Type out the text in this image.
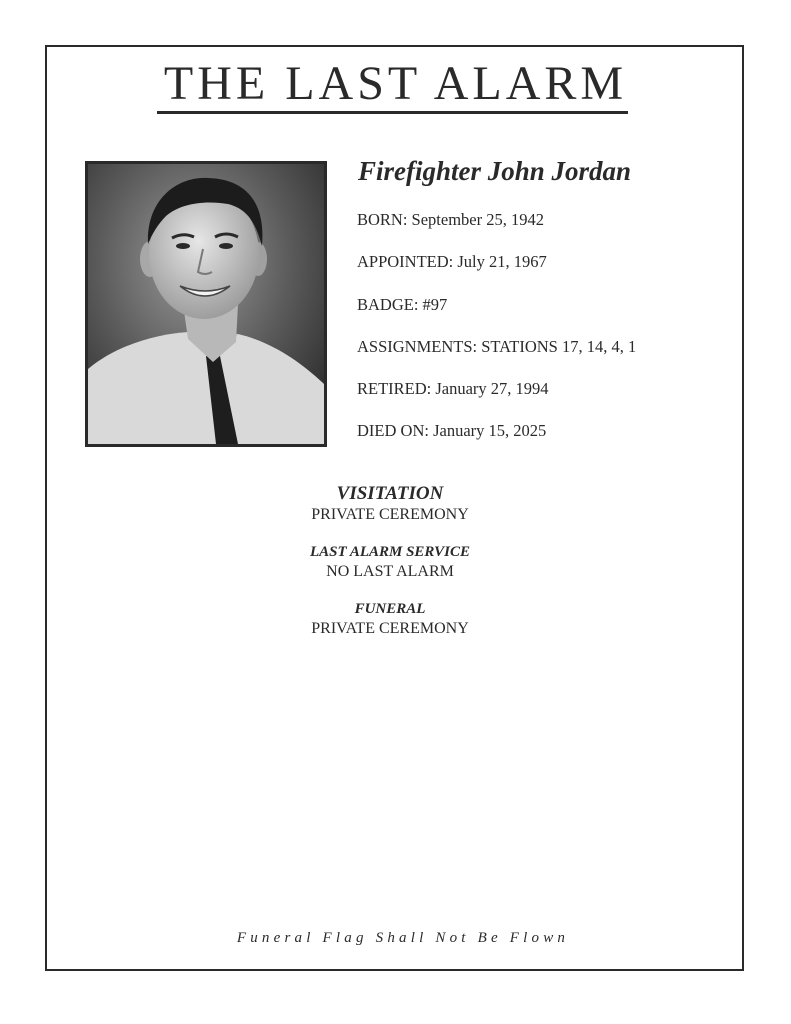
THE LAST ALARM
Firefighter John Jordan
BORN: September 25, 1942
APPOINTED: July 21, 1967
BADGE: #97
ASSIGNMENTS: STATIONS 17, 14, 4, 1
RETIRED: January 27, 1994
DIED ON: January 15, 2025
VISITATION
PRIVATE CEREMONY
LAST ALARM SERVICE
NO LAST ALARM
FUNERAL
PRIVATE CEREMONY
Funeral Flag Shall Not Be Flown
